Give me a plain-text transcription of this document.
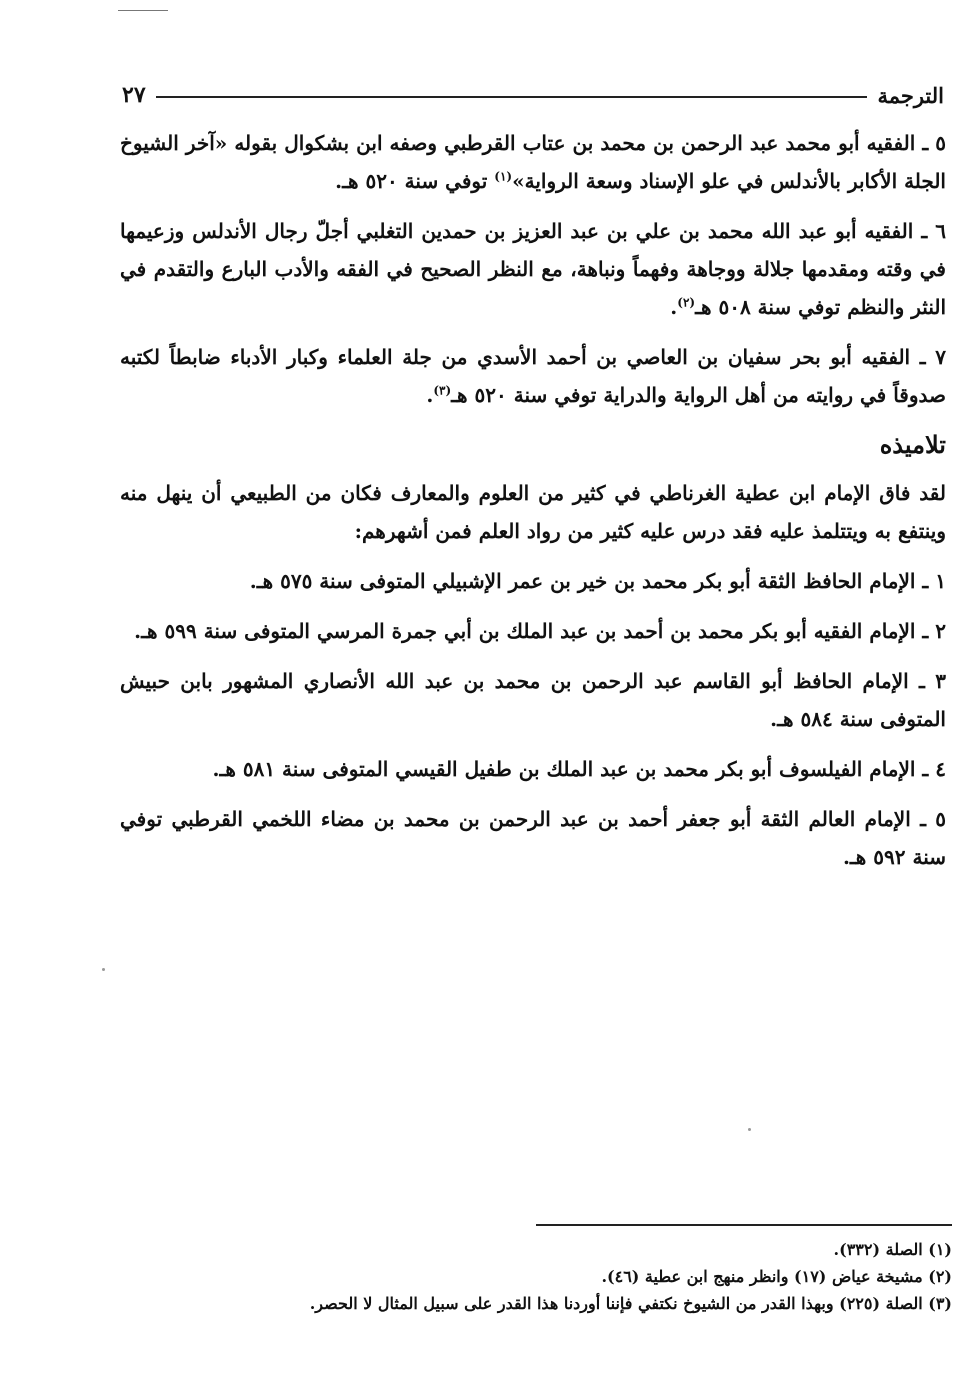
الترجمة
٢٧

٥ ـ الفقيه أبو محمد عبد الرحمن بن محمد بن عتاب القرطبي وصفه ابن بشكوال بقوله «آخر الشيوخ الجلة الأكابر بالأندلس في علو الإسناد وسعة الرواية»$^{(١)}$ توفي سنة ٥٢٠ هـ.

٦ ـ الفقيه أبو عبد الله محمد بن علي بن عبد العزيز بن حمدين التغلبي أجلّ رجال الأندلس وزعيمها في وقته ومقدمها جلالة ووجاهة وفهماً ونباهة، مع النظر الصحيح في الفقه والأدب البارع والتقدم في النثر والنظم توفي سنة ٥٠٨ هـ$^{(٢)}$.

٧ ـ الفقيه أبو بحر سفيان بن العاصي بن أحمد الأسدي من جلة العلماء وكبار الأدباء ضابطاً لكتبه صدوقاً في روايته من أهل الرواية والدراية توفي سنة ٥٢٠ هـ$^{(٣)}$.

تلاميذه

لقد فاق الإمام ابن عطية الغرناطي في كثير من العلوم والمعارف فكان من الطبيعي أن ينهل منه وينتفع به ويتتلمذ عليه فقد درس عليه كثير من رواد العلم فمن أشهرهم:

١ ـ الإمام الحافظ الثقة أبو بكر محمد بن خير بن عمر الإشبيلي المتوفى سنة ٥٧٥ هـ.

٢ ـ الإمام الفقيه أبو بكر محمد بن أحمد بن عبد الملك بن أبي جمرة المرسي المتوفى سنة ٥٩٩ هـ.

٣ ـ الإمام الحافظ أبو القاسم عبد الرحمن بن محمد بن عبد الله الأنصاري المشهور بابن حبيش المتوفى سنة ٥٨٤ هـ.

٤ ـ الإمام الفيلسوف أبو بكر محمد بن عبد الملك بن طفيل القيسي المتوفى سنة ٥٨١ هـ.

٥ ـ الإمام العالم الثقة أبو جعفر أحمد بن عبد الرحمن بن محمد بن مضاء اللخمي القرطبي توفي سنة ٥٩٢ هـ.

(١) الصلة (٣٣٢).
(٢) مشيخة عياض (١٧) وانظر منهج ابن عطية (٤٦).
(٣) الصلة (٢٢٥) وبهذا القدر من الشيوخ نكتفي فإننا أوردنا هذا القدر على سبيل المثال لا الحصر.
